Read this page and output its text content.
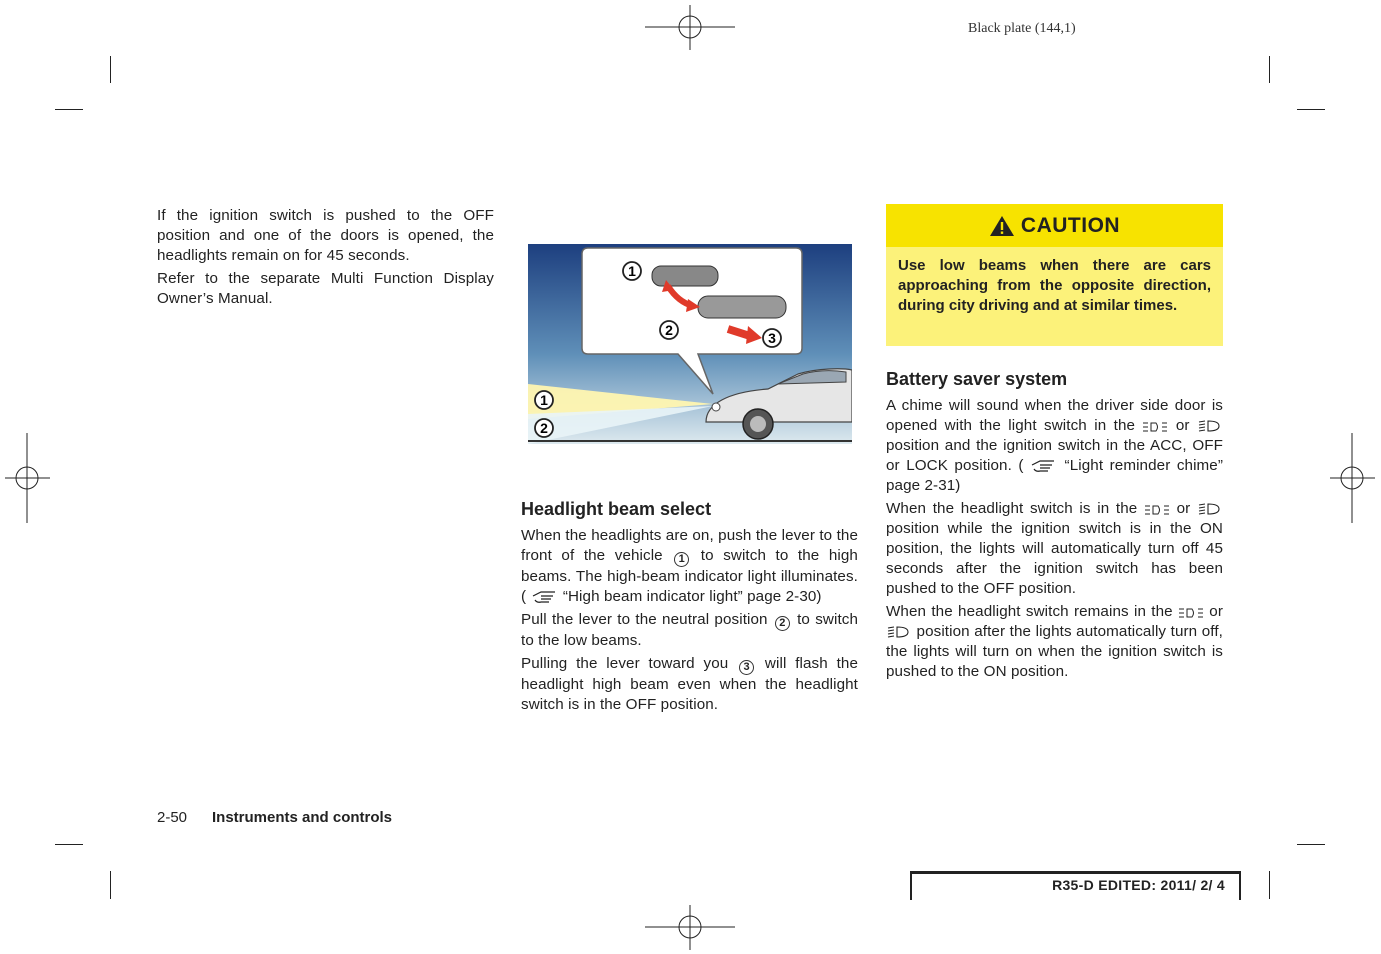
Black plate (144,1)

If the ignition switch is pushed to the OFF position and one of the doors is opened, the headlights remain on for 45 seconds.

Refer to the separate Multi Function Display Owner’s Manual.

1
2	3
1
2
Headlight beam select

When the headlights are on, push the lever to the front of the vehicle 1 to switch to the high beams. The high-beam indicator light illuminates. ( “High beam indicator light” page 2-30)

Pull the lever to the neutral position 2 to switch to the low beams.

Pulling the lever toward you 3 will flash the headlight high beam even when the headlight switch is in the OFF position.

CAUTION
Use low beams when there are cars approaching from the opposite direction, during city driving and at similar times.
Battery saver system

A chime will sound when the driver side door is opened with the light switch in the	or  position and the ignition switch in the ACC, OFF or LOCK position. (	“Light reminder chime” page 2-31)

When the headlight switch is in the	or  position while the ignition switch is in the ON position, the lights will automatically turn off 45 seconds after the ignition switch has been pushed to the OFF position.

When the headlight switch remains in the or  position after the lights automatically turn off, the lights will turn on when the ignition switch is pushed to the ON position.

2-50 Instruments and controls
R35-D EDITED: 2011/ 2/ 4
